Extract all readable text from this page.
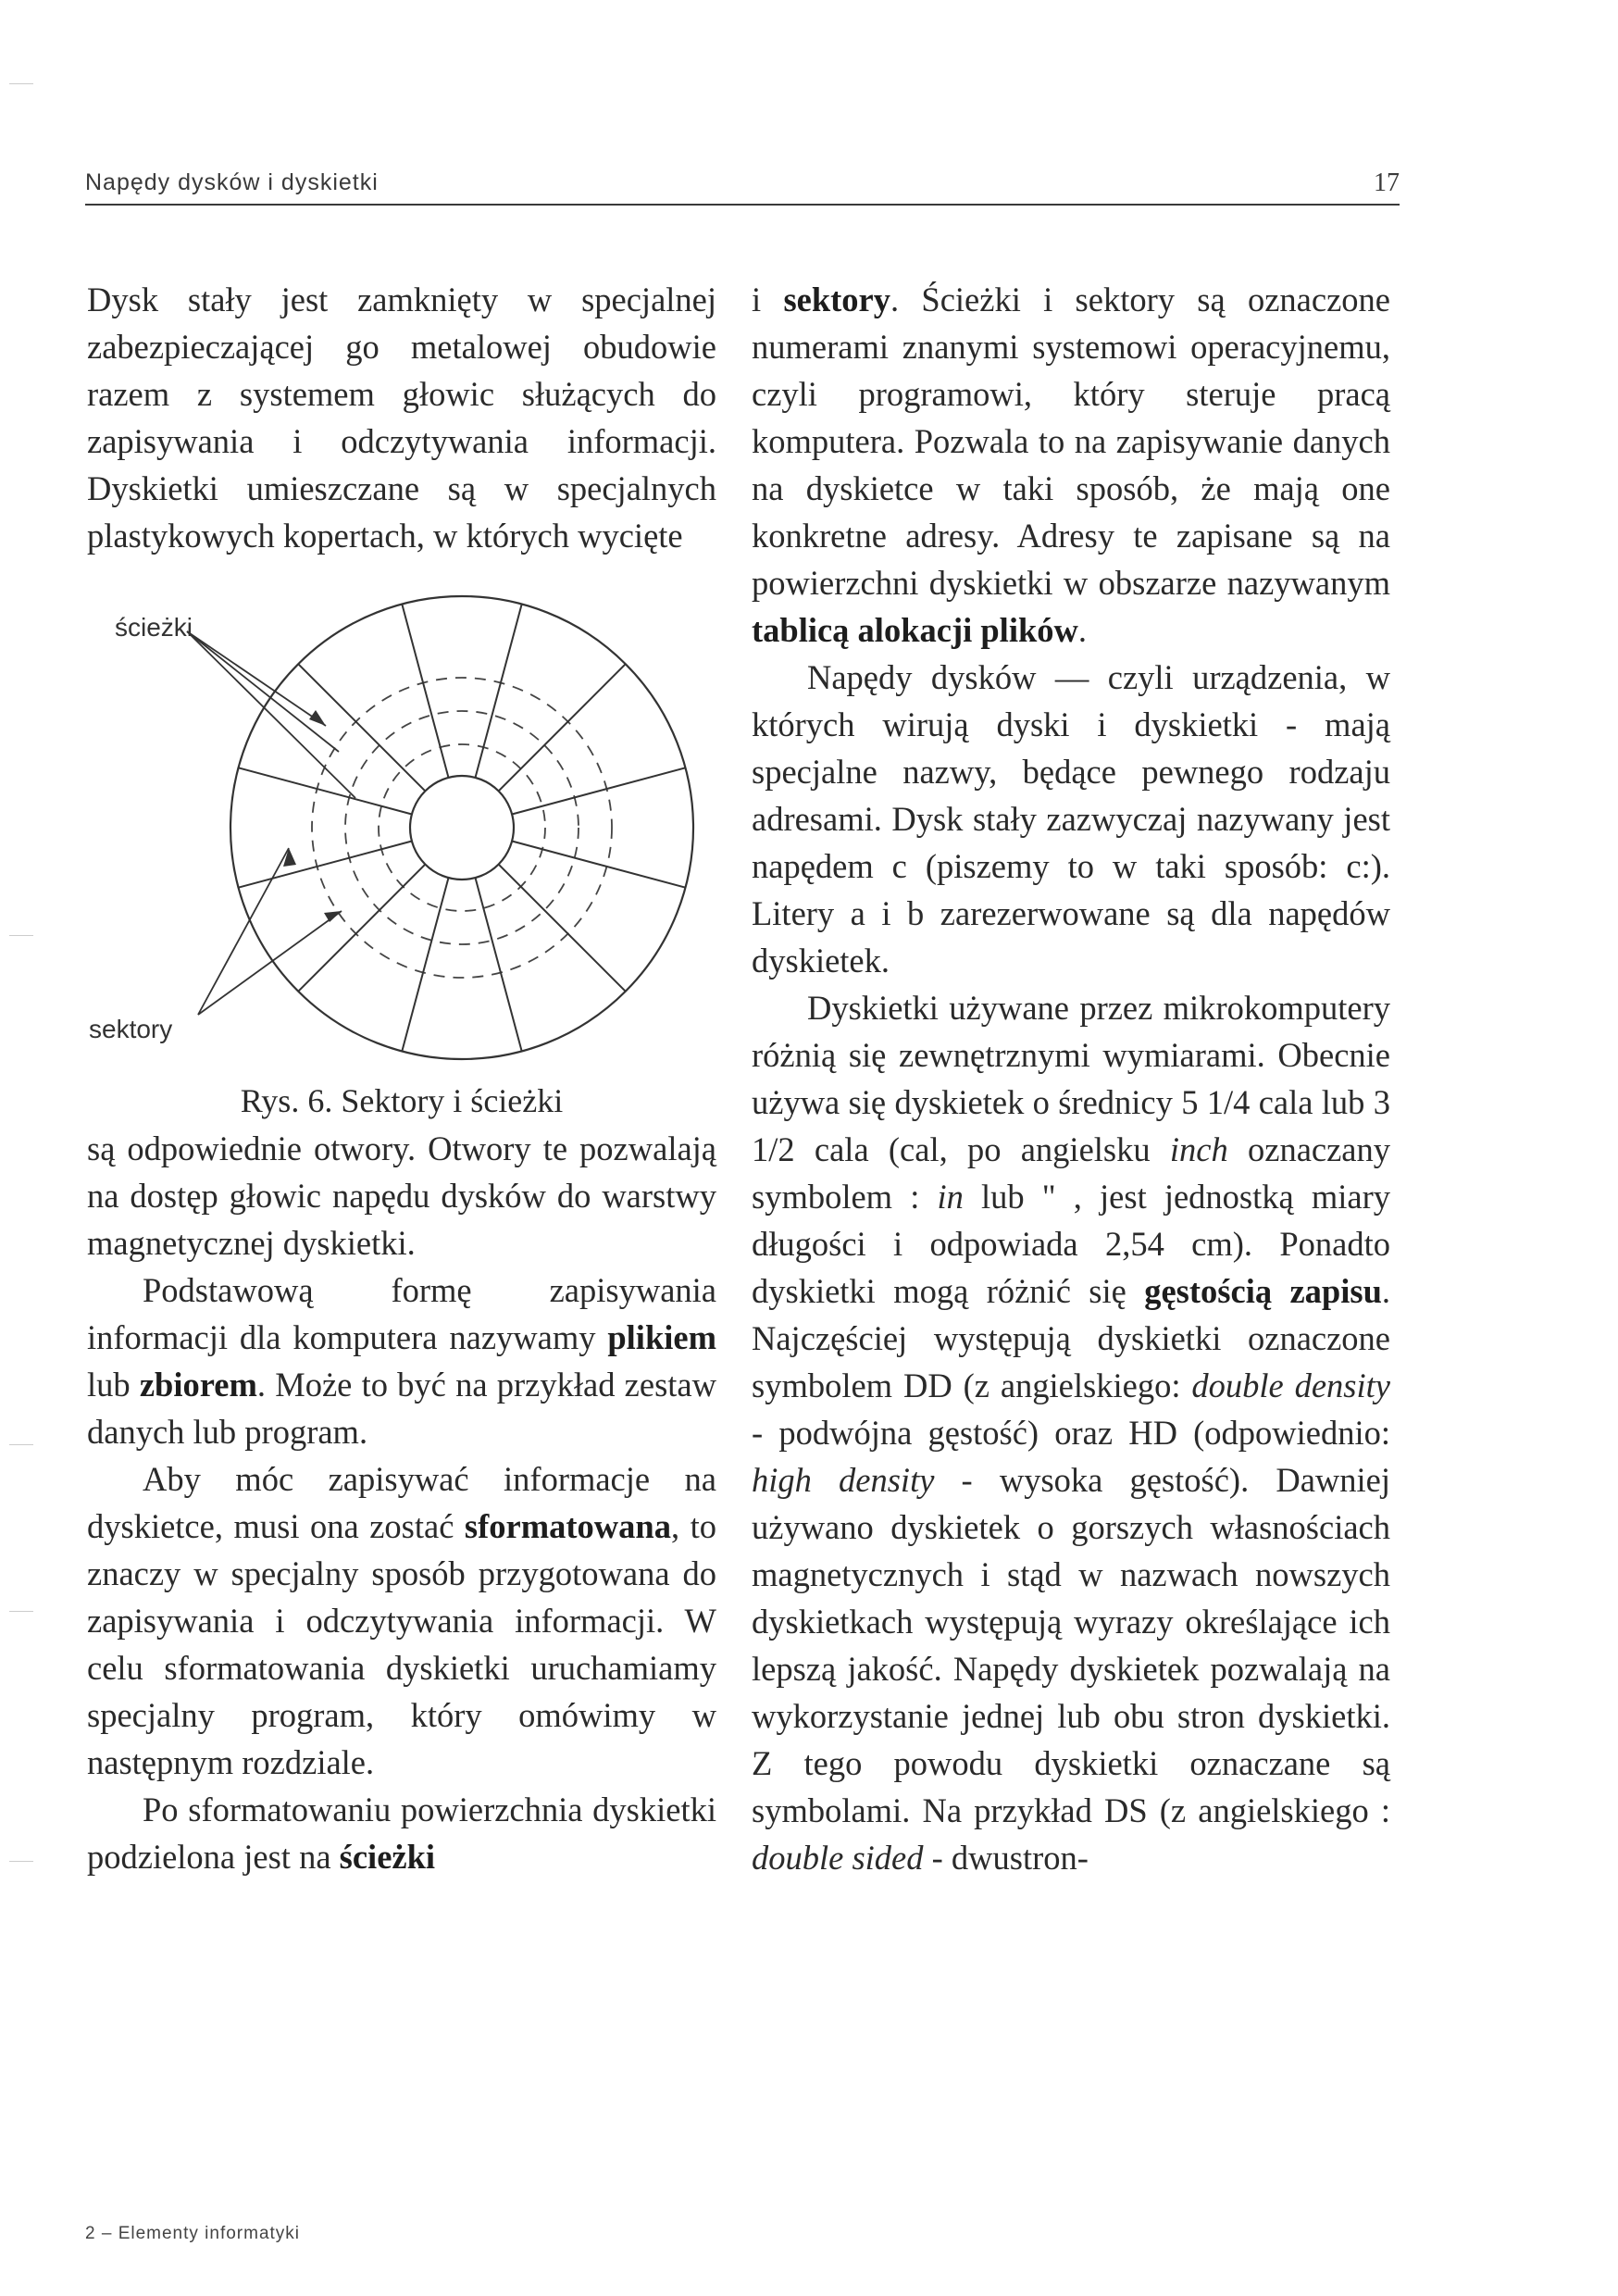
Napędy dysków i dyskietki	17

Dysk stały jest zamknięty w specjalnej zabezpieczającej go metalowej obudowie razem z systemem głowic służących do zapisywania i odczytywania informacji. Dyskietki umieszczane są w specjalnych plastykowych kopertach, w których wycięte

ścieżki
sektory

Rys. 6. Sektory i ścieżki

są odpowiednie otwory. Otwory te pozwalają na dostęp głowic napędu dysków do warstwy magnetycznej dyskietki.

Podstawową formę zapisywania informacji dla komputera nazywamy plikiem lub zbiorem. Może to być na przykład zestaw danych lub program.

Aby móc zapisywać informacje na dyskietce, musi ona zostać sformatowana, to znaczy w specjalny sposób przygotowana do zapisywania i odczytywania informacji. W celu sformatowania dyskietki uruchamiamy specjalny program, który omówimy w następnym rozdziale.

Po sformatowaniu powierzchnia dyskietki podzielona jest na ścieżki

i sektory. Ścieżki i sektory są oznaczone numerami znanymi systemowi operacyjnemu, czyli programowi, który steruje pracą komputera. Pozwala to na zapisywanie danych na dyskietce w taki sposób, że mają one konkretne adresy. Adresy te zapisane są na powierzchni dyskietki w obszarze nazywanym tablicą alokacji plików.

Napędy dysków — czyli urządzenia, w których wirują dyski i dyskietki - mają specjalne nazwy, będące pewnego rodzaju adresami. Dysk stały zazwyczaj nazywany jest napędem c (piszemy to w taki sposób: c:). Litery a i b zarezerwowane są dla napędów dyskietek.

Dyskietki używane przez mikrokomputery różnią się zewnętrznymi wymiarami. Obecnie używa się dyskietek o średnicy 5 1/4 cala lub 3 1/2 cala (cal, po angielsku inch oznaczany symbolem : in lub " , jest jednostką miary długości i odpowiada 2,54 cm). Ponadto dyskietki mogą różnić się gęstością zapisu. Najczęściej występują dyskietki oznaczone symbolem DD (z angielskiego: double density - podwójna gęstość) oraz HD (odpowiednio: high density - wysoka gęstość). Dawniej używano dyskietek o gorszych własnościach magnetycznych i stąd w nazwach nowszych dyskietkach występują wyrazy określające ich lepszą jakość. Napędy dyskietek pozwalają na wykorzystanie jednej lub obu stron dyskietki. Z tego powodu dyskietki oznaczane są symbolami. Na przykład DS (z angielskiego : double sided - dwustron-

2 – Elementy informatyki
